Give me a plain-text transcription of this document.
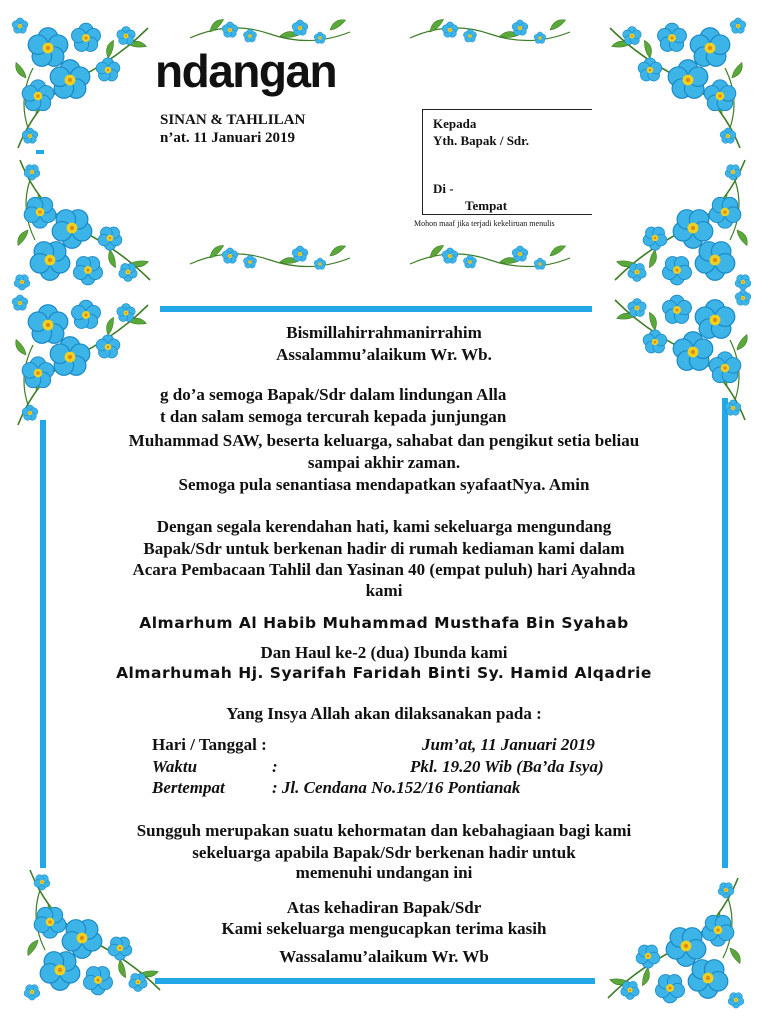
ndangan
SINAN & TAHLILAN
n’at. 11 Januari 2019
Kepada
Yth. Bapak / Sdr.
Di -
Tempat
Mohon maaf jika terjadi kekeliruan menulis
Bismillahirrahmanirrahim
Assalammu’alaikum Wr. Wb.
g do’a semoga Bapak/Sdr dalam lindungan Alla
t dan salam semoga tercurah kepada junjungan
Muhammad SAW, beserta keluarga, sahabat dan pengikut setia beliau
sampai akhir zaman.
Semoga pula senantiasa mendapatkan syafaatNya. Amin
Dengan segala kerendahan hati, kami sekeluarga mengundang
Bapak/Sdr untuk berkenan hadir di rumah kediaman kami dalam
Acara Pembacaan Tahlil dan Yasinan 40 (empat puluh) hari Ayahnda
kami
Almarhum Al Habib Muhammad Musthafa Bin Syahab
Dan Haul ke-2 (dua) Ibunda kami
Almarhumah Hj. Syarifah Faridah Binti Sy. Hamid Alqadrie
Yang Insya Allah akan dilaksanakan pada :
Hari / Tanggal :	Jum’at, 11 Januari 2019
Waktu	:	Pkl. 19.20 Wib (Ba’da Isya)
Bertempat	: Jl. Cendana No.152/16 Pontianak
Sungguh merupakan suatu kehormatan dan kebahagiaan bagi kami
sekeluarga apabila Bapak/Sdr berkenan hadir untuk
memenuhi undangan ini
Atas kehadiran Bapak/Sdr
Kami sekeluarga mengucapkan terima kasih
Wassalamu’alaikum Wr. Wb
